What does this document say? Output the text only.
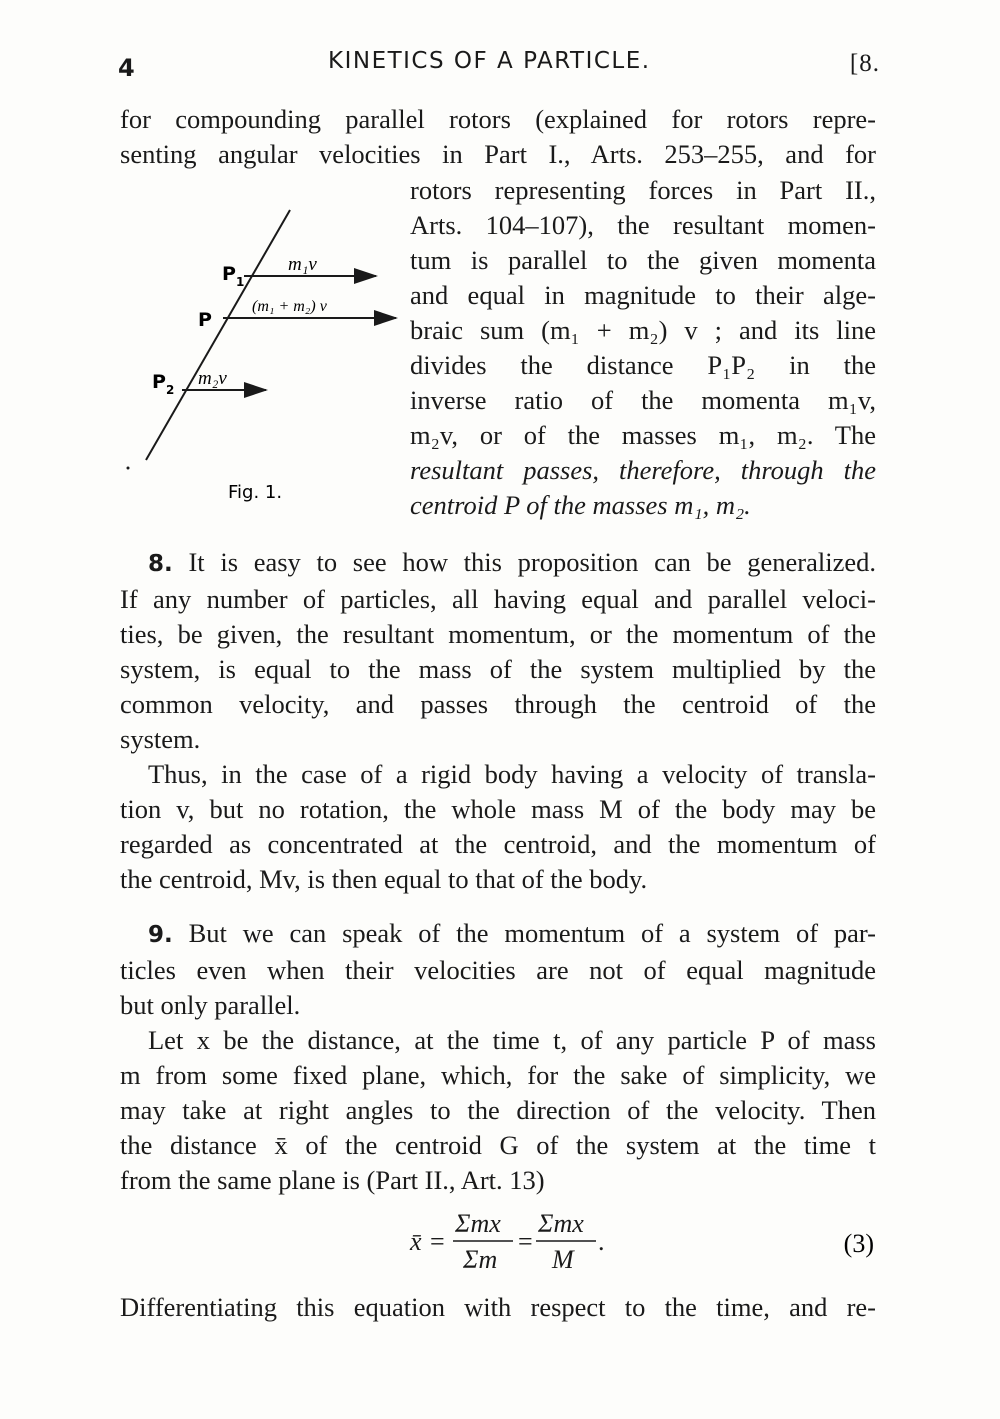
4	KINETICS OF A PARTICLE.	[8.
for compounding parallel rotors (explained for rotors repre-
senting angular velocities in Part I., Arts. 253–255, and for
$P_1$
P
$P_2$
m₁v
(m₁ + m₂) v
m₂v
Fig. 1.
rotors representing forces in Part II.,
Arts. 104–107), the resultant momen-
tum is parallel to the given momenta
and equal in magnitude to their alge-
braic sum (m₁ + m₂) v ; and its line
divides the distance P₁P₂ in the
inverse ratio of the momenta m₁v,
m₂v, or of the masses m₁, m₂. The
resultant passes, therefore, through the
centroid P of the masses m₁, m₂.
8. It is easy to see how this proposition can be generalized.
If any number of particles, all having equal and parallel veloci-
ties, be given, the resultant momentum, or the momentum of the
system, is equal to the mass of the system multiplied by the
common velocity, and passes through the centroid of the
system.
Thus, in the case of a rigid body having a velocity of transla-
tion v, but no rotation, the whole mass M of the body may be
regarded as concentrated at the centroid, and the momentum of
the centroid, Mv, is then equal to that of the body.
9. But we can speak of the momentum of a system of par-
ticles even when their velocities are not of equal magnitude
but only parallel.
Let x be the distance, at the time t, of any particle P of mass
m from some fixed plane, which, for the sake of simplicity, we
may take at right angles to the direction of the velocity. Then
the distance x̄ of the centroid G of the system at the time t
from the same plane is (Part II., Art. 13)
x̄ =
Σmx
Σm
=
Σmx
M
.	(3)
Differentiating this equation with respect to the time, and re-
